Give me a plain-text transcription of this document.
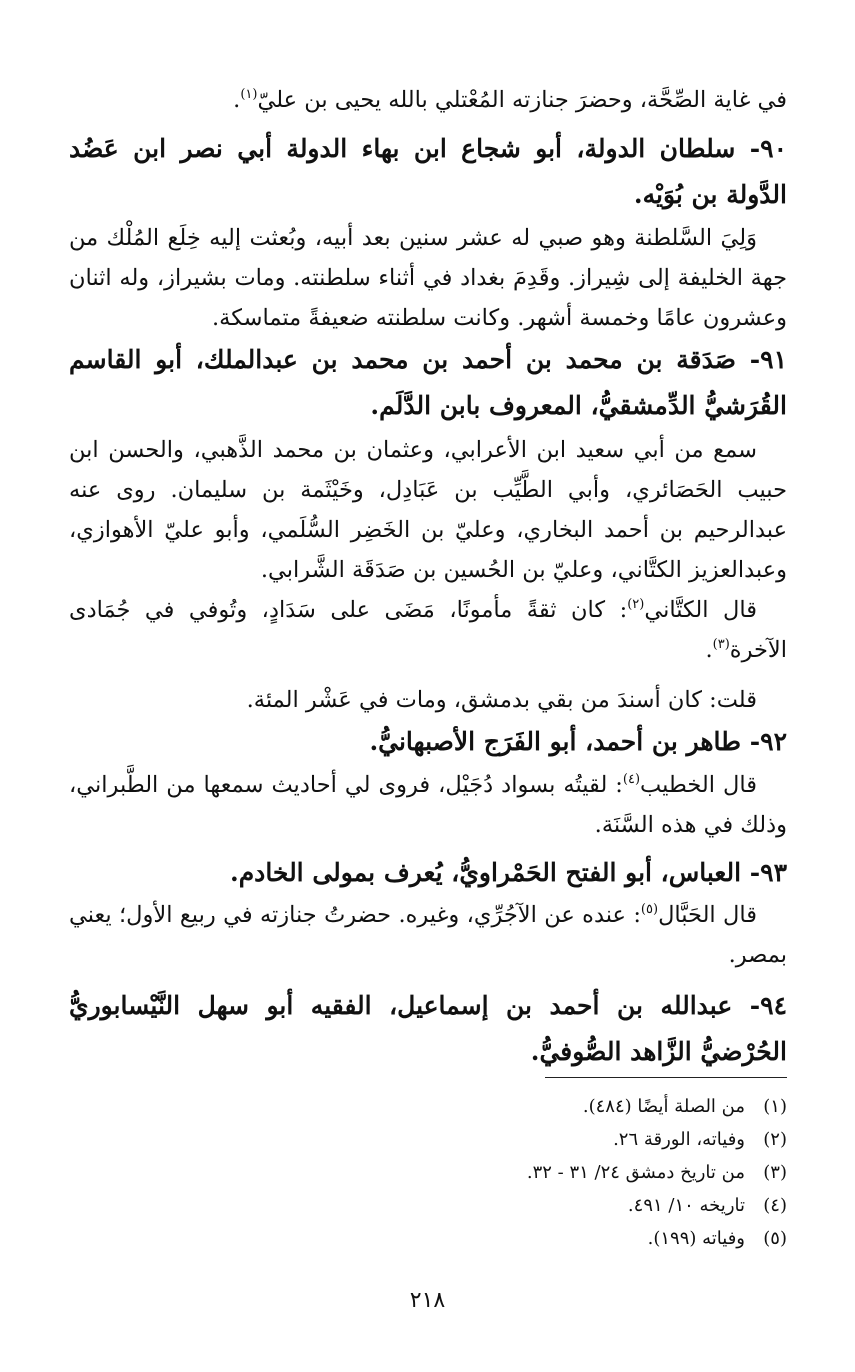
في غاية الصِّحَّة، وحضرَ جنازته المُعْتلي بالله يحيى بن عليّ$^{(١)}$.
٩٠- سلطان الدولة، أبو شجاع ابن بهاء الدولة أبي نصر ابن عَضُد الدَّولة بن بُوَيْه.
وَلِيَ السَّلطنة وهو صبي له عشر سنين بعد أبيه، وبُعثت إليه خِلَع المُلْك من جهة الخليفة إلى شِيراز. وقَدِمَ بغداد في أثناء سلطنته. ومات بشيراز، وله اثنان وعشرون عامًا وخمسة أشهر. وكانت سلطنته ضعيفةً متماسكة.
٩١- صَدَقة بن محمد بن أحمد بن محمد بن عبدالملك، أبو القاسم القُرَشيُّ الدِّمشقيُّ، المعروف بابن الدَّلَم.
سمع من أبي سعيد ابن الأعرابي، وعثمان بن محمد الذَّهبي، والحسن ابن حبيب الحَصَائري، وأبي الطَّيِّب بن عَبَادِل، وخَيْثَمة بن سليمان. روى عنه عبدالرحيم بن أحمد البخاري، وعليّ بن الخَضِر السُّلَمي، وأبو عليّ الأهوازي، وعبدالعزيز الكتَّاني، وعليّ بن الحُسين بن صَدَقَة الشَّرابي.
قال الكتَّاني$^{(٢)}$: كان ثقةً مأمونًا، مَضَى على سَدَادٍ، وتُوفي في جُمَادى الآخرة$^{(٣)}$.
قلت: كان أسندَ من بقي بدمشق، ومات في عَشْر المئة.
٩٢- طاهر بن أحمد، أبو الفَرَج الأصبهانيُّ.
قال الخطيب$^{(٤)}$: لقيتُه بسواد دُجَيْل، فروى لي أحاديث سمعها من الطَّبراني، وذلك في هذه السَّنَة.
٩٣- العباس، أبو الفتح الحَمْراويُّ، يُعرف بمولى الخادم.
قال الحَبَّال$^{(٥)}$: عنده عن الآجُرِّي، وغيره. حضرتُ جنازته في ربيع الأول؛ يعني بمصر.
٩٤- عبدالله بن أحمد بن إسماعيل، الفقيه أبو سهل النَّيْسابوريُّ الحُرْضيُّ الزَّاهد الصُّوفيُّ.
(١)من الصلة أيضًا (٤٨٤).
(٢)وفياته، الورقة ٢٦.
(٣)من تاريخ دمشق ٢٤/ ٣١ - ٣٢.
(٤)تاريخه ١٠/ ٤٩١.
(٥)وفياته (١٩٩).
٢١٨
